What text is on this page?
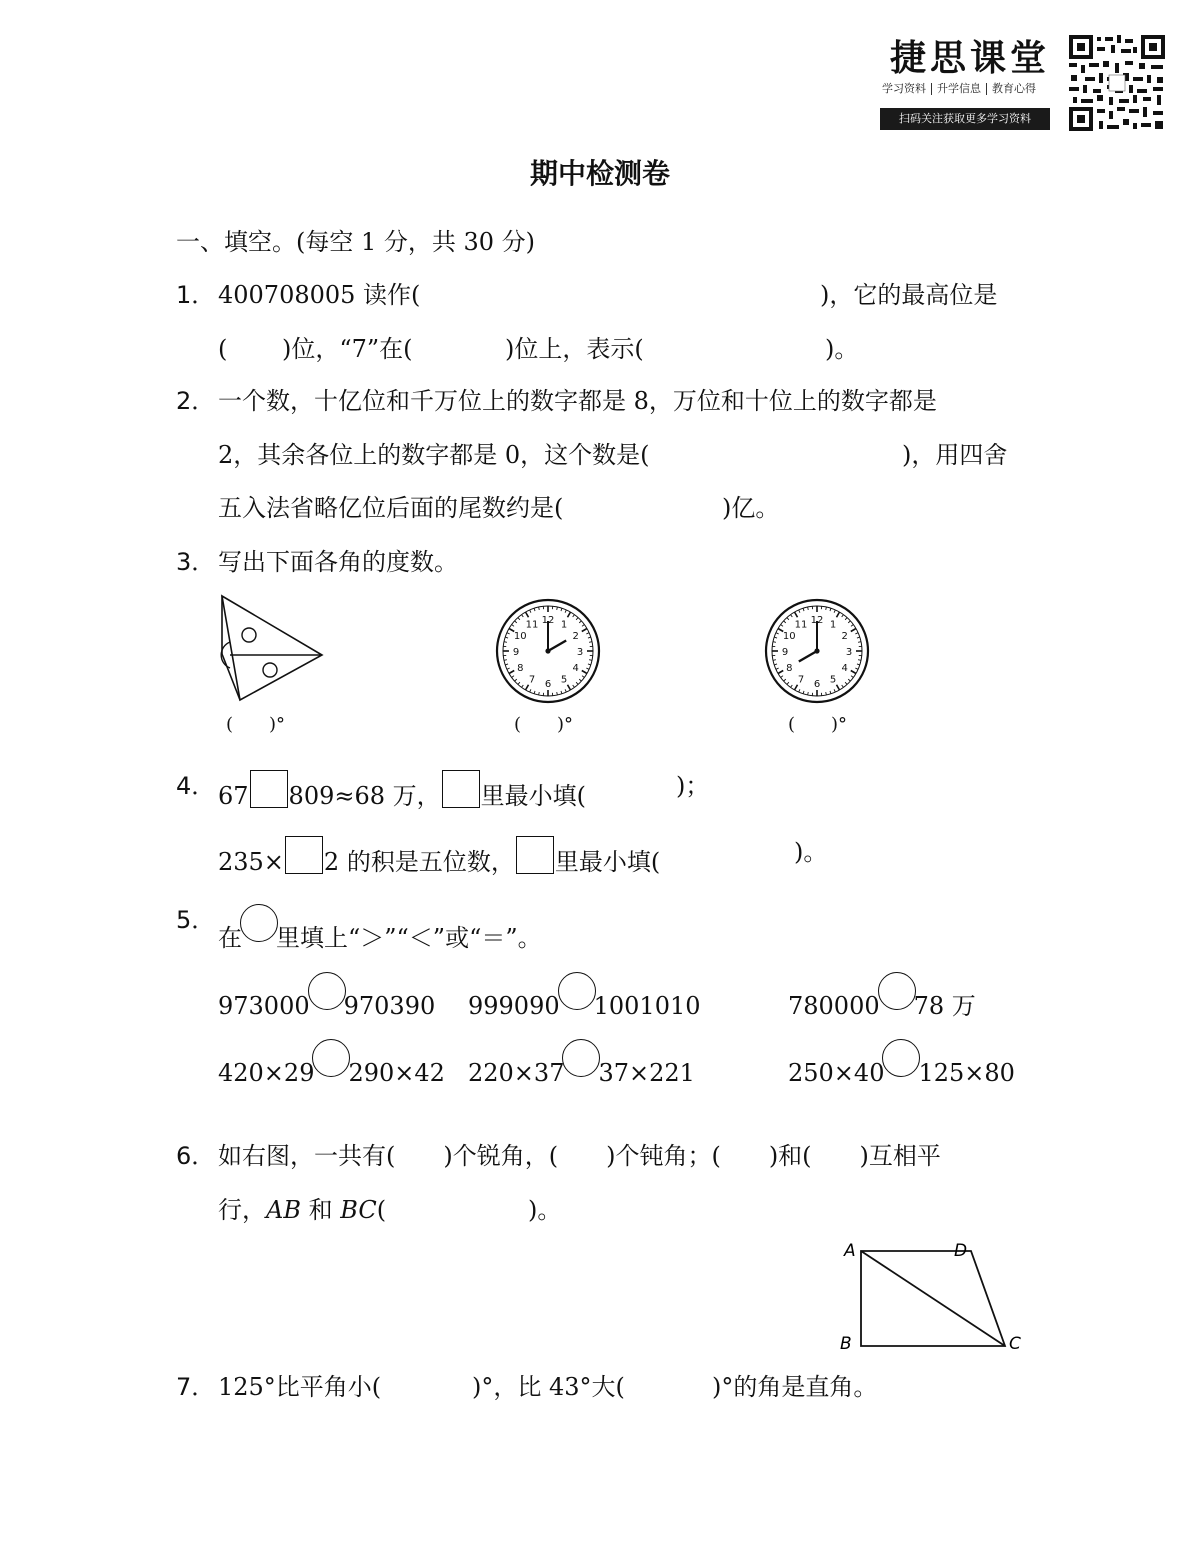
捷思课堂
学习资料 升学信息 教育心得
扫码关注获取更多学习资料
期中检测卷
一、填空。(每空 1 分，共 30 分)
1． 400708005 读作(	)，它的最高位是
( )位，“7”在(	)位上，表示(	)。
2． 一个数，十亿位和千万位上的数字都是 8，万位和十位上的数字都是
2，其余各位上的数字都是 0，这个数是(	)，用四舍
五入法省略亿位后面的尾数约是(	)亿。
3． 写出下面各角的度数。
12 1
2
3
4
5
6
7
8
9
10
11	12 1
2
3
4
5
6
7
8
9
10
11
(　　)°	(　　)°	(　　)°
4． 67 809≈68 万， 里最小填(	)；
235× 2 的积是五位数， 里最小填(	)。
5．
在 里填上“＞”“＜”或“＝”。
973000 970390 999090 1001010	780000 78 万
420×29 290×42 220×37 37×221	250×40 125×80
6． 如右图，一共有(　　)个锐角，(　　)个钝角；(　　)和(　　)互相平
行，AB 和 BC(	)。
A	D
B	C
7． 125°比平角小(	)°，比 43°大(	)°的角是直角。
